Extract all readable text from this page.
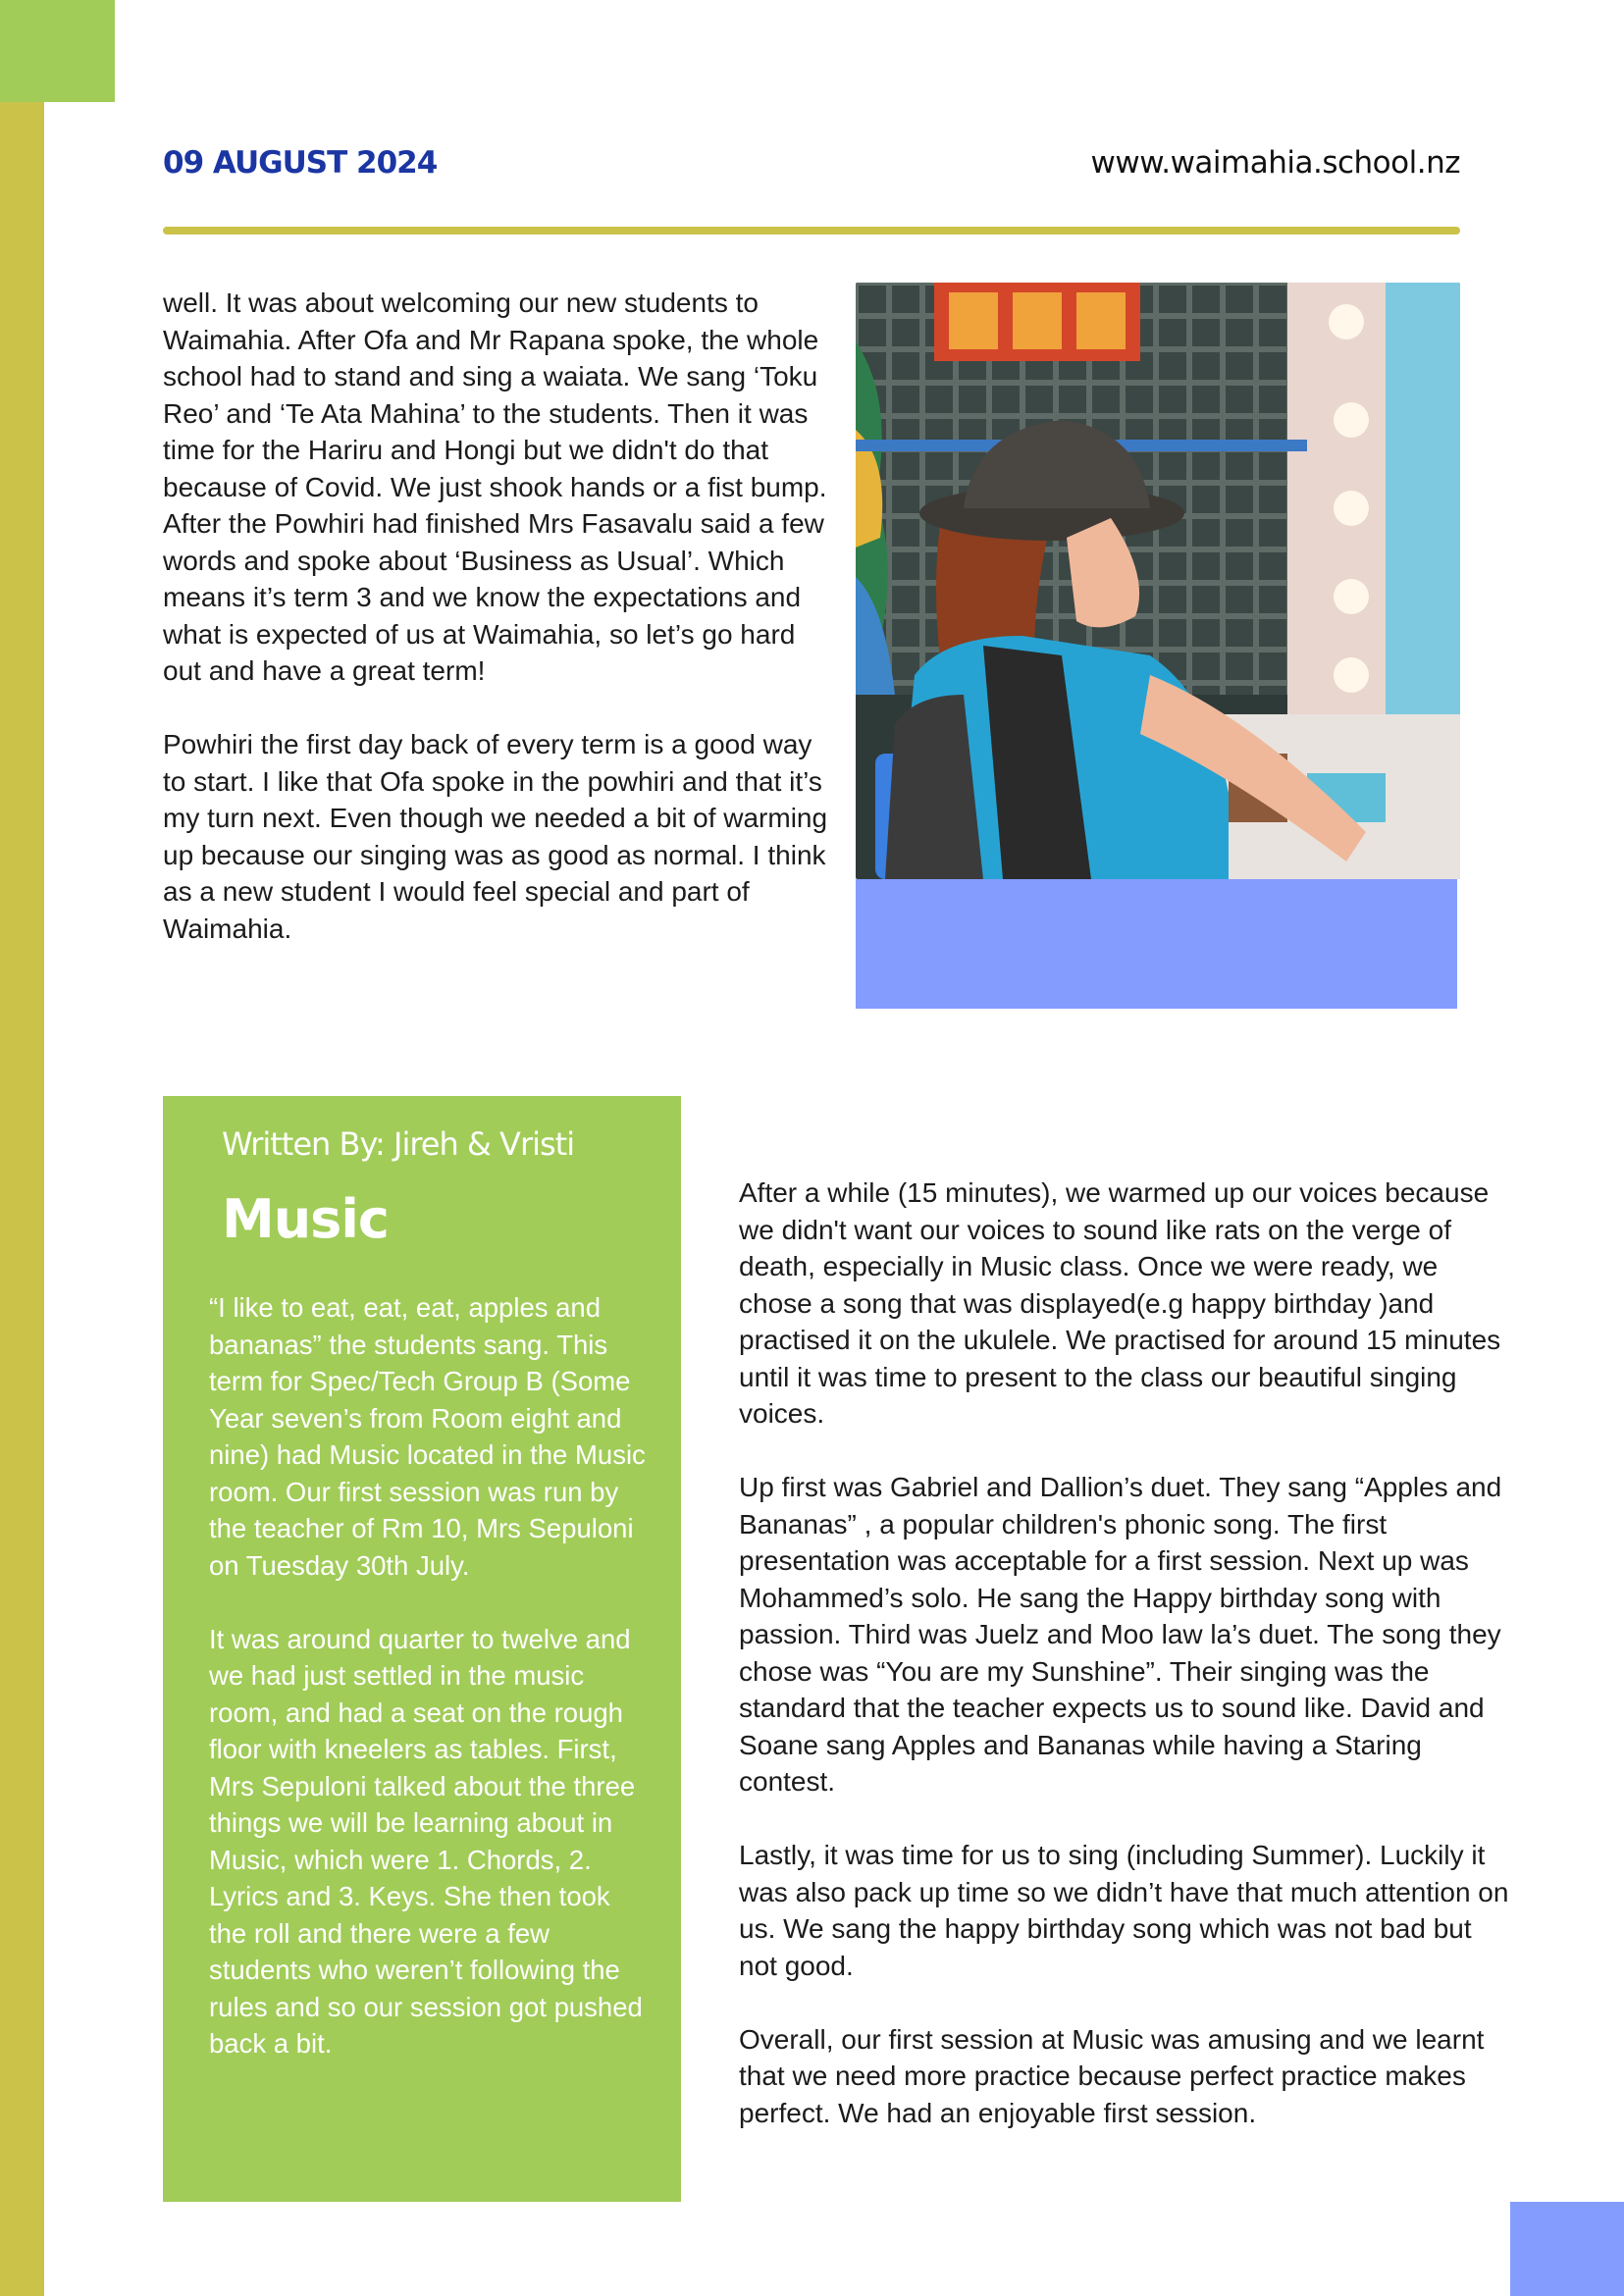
09 AUGUST 2024	www.waimahia.school.nz

well. It was about welcoming our new students to Waimahia. After Ofa and Mr Rapana spoke, the whole school had to stand and sing a waiata. We sang ‘Toku Reo’ and ‘Te Ata Mahina’ to the students. Then it was time for the Hariru and Hongi but we didn't do that because of Covid. We just shook hands or a fist bump. After the Powhiri had finished Mrs Fasavalu said a few words and spoke about ‘Business as Usual’. Which means it’s term 3 and we know the expectations and what is expected of us at Waimahia, so let’s go hard out and have a great term!

Powhiri the first day back of every term is a good way to start. I like that Ofa spoke in the powhiri and that it’s my turn next. Even though we needed a bit of warming up because our singing was as good as normal. I think as a new student I would feel special and part of Waimahia.

Written By: Jireh & Vristi
Music

“I like to eat, eat, eat, apples and bananas” the students sang. This term for Spec/Tech Group B (Some Year seven’s from Room eight and nine) had Music located in the Music room. Our first session was run by the teacher of Rm 10, Mrs Sepuloni on Tuesday 30th July.

It was around quarter to twelve and we had just settled in the music room, and had a seat on the rough floor with kneelers as tables. First, Mrs Sepuloni talked about the three things we will be learning about in Music, which were 1. Chords, 2. Lyrics and 3. Keys. She then took the roll and there were a few students who weren’t following the rules and so our session got pushed back a bit.

After a while (15 minutes), we warmed up our voices because we didn't want our voices to sound like rats on the verge of death, especially in Music class. Once we were ready, we chose a song that was displayed(e.g happy birthday )and practised it on the ukulele. We practised for around 15 minutes until it was time to present to the class our beautiful singing voices.

Up first was Gabriel and Dallion’s duet. They sang “Apples and Bananas” , a popular children's phonic song. The first presentation was acceptable for a first session. Next up was Mohammed’s solo. He sang the Happy birthday song with passion. Third was Juelz and Moo law la’s duet. The song they chose was “You are my Sunshine”. Their singing was the standard that the teacher expects us to sound like. David and Soane sang Apples and Bananas while having a Staring contest.

Lastly, it was time for us to sing (including Summer). Luckily it was also pack up time so we didn’t have that much attention on us. We sang the happy birthday song which was not bad but not good.

Overall, our first session at Music was amusing and we learnt that we need more practice because perfect practice makes perfect. We had an enjoyable first session.
